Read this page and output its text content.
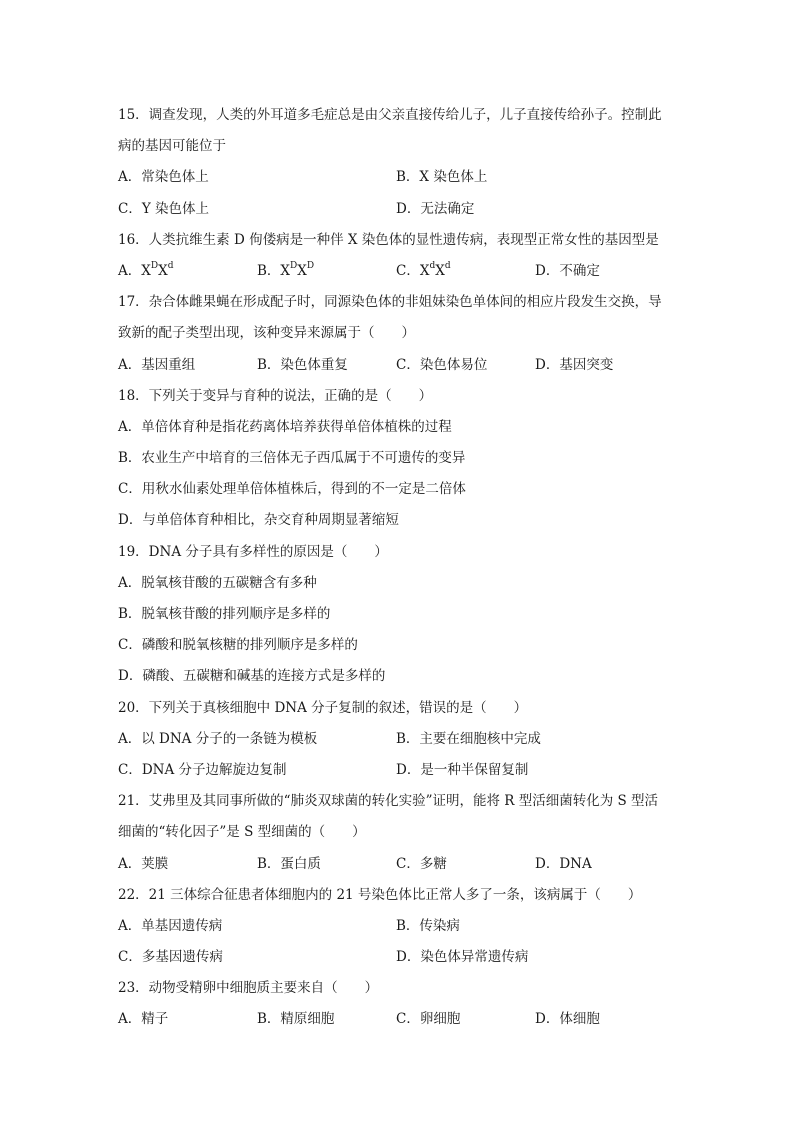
15．调查发现，人类的外耳道多毛症总是由父亲直接传给儿子，儿子直接传给孙子。控制此
病的基因可能位于
A．常染色体上	B．X 染色体上
C．Y 染色体上	D．无法确定
16．人类抗维生素 D 佝偻病是一种伴 X 染色体的显性遗传病，表现型正常女性的基因型是
A．$X^DX^d$	B．$X^DX^D$	C．$X^dX^d$	D．不确定
17．杂合体雌果蝇在形成配子时，同源染色体的非姐妹染色单体间的相应片段发生交换，导
致新的配子类型出现，该种变异来源属于（　　）
A．基因重组	B．染色体重复	C．染色体易位	D．基因突变
18．下列关于变异与育种的说法，正确的是（　　）
A．单倍体育种是指花药离体培养获得单倍体植株的过程
B．农业生产中培育的三倍体无子西瓜属于不可遗传的变异
C．用秋水仙素处理单倍体植株后，得到的不一定是二倍体
D．与单倍体育种相比，杂交育种周期显著缩短
19．DNA 分子具有多样性的原因是（　　）
A．脱氧核苷酸的五碳糖含有多种
B．脱氧核苷酸的排列顺序是多样的
C．磷酸和脱氧核糖的排列顺序是多样的
D．磷酸、五碳糖和碱基的连接方式是多样的
20．下列关于真核细胞中 DNA 分子复制的叙述，错误的是（　　）
A．以 DNA 分子的一条链为模板	B．主要在细胞核中完成
C．DNA 分子边解旋边复制	D．是一种半保留复制
21．艾弗里及其同事所做的“肺炎双球菌的转化实验”证明，能将 R 型活细菌转化为 S 型活
细菌的“转化因子”是 S 型细菌的（　　）
A．荚膜	B．蛋白质	C．多糖	D．DNA
22．21 三体综合征患者体细胞内的 21 号染色体比正常人多了一条，该病属于（　　）
A．单基因遗传病	B．传染病
C．多基因遗传病	D．染色体异常遗传病
23．动物受精卵中细胞质主要来自（　　）
A．精子	B．精原细胞	C．卵细胞	D．体细胞
